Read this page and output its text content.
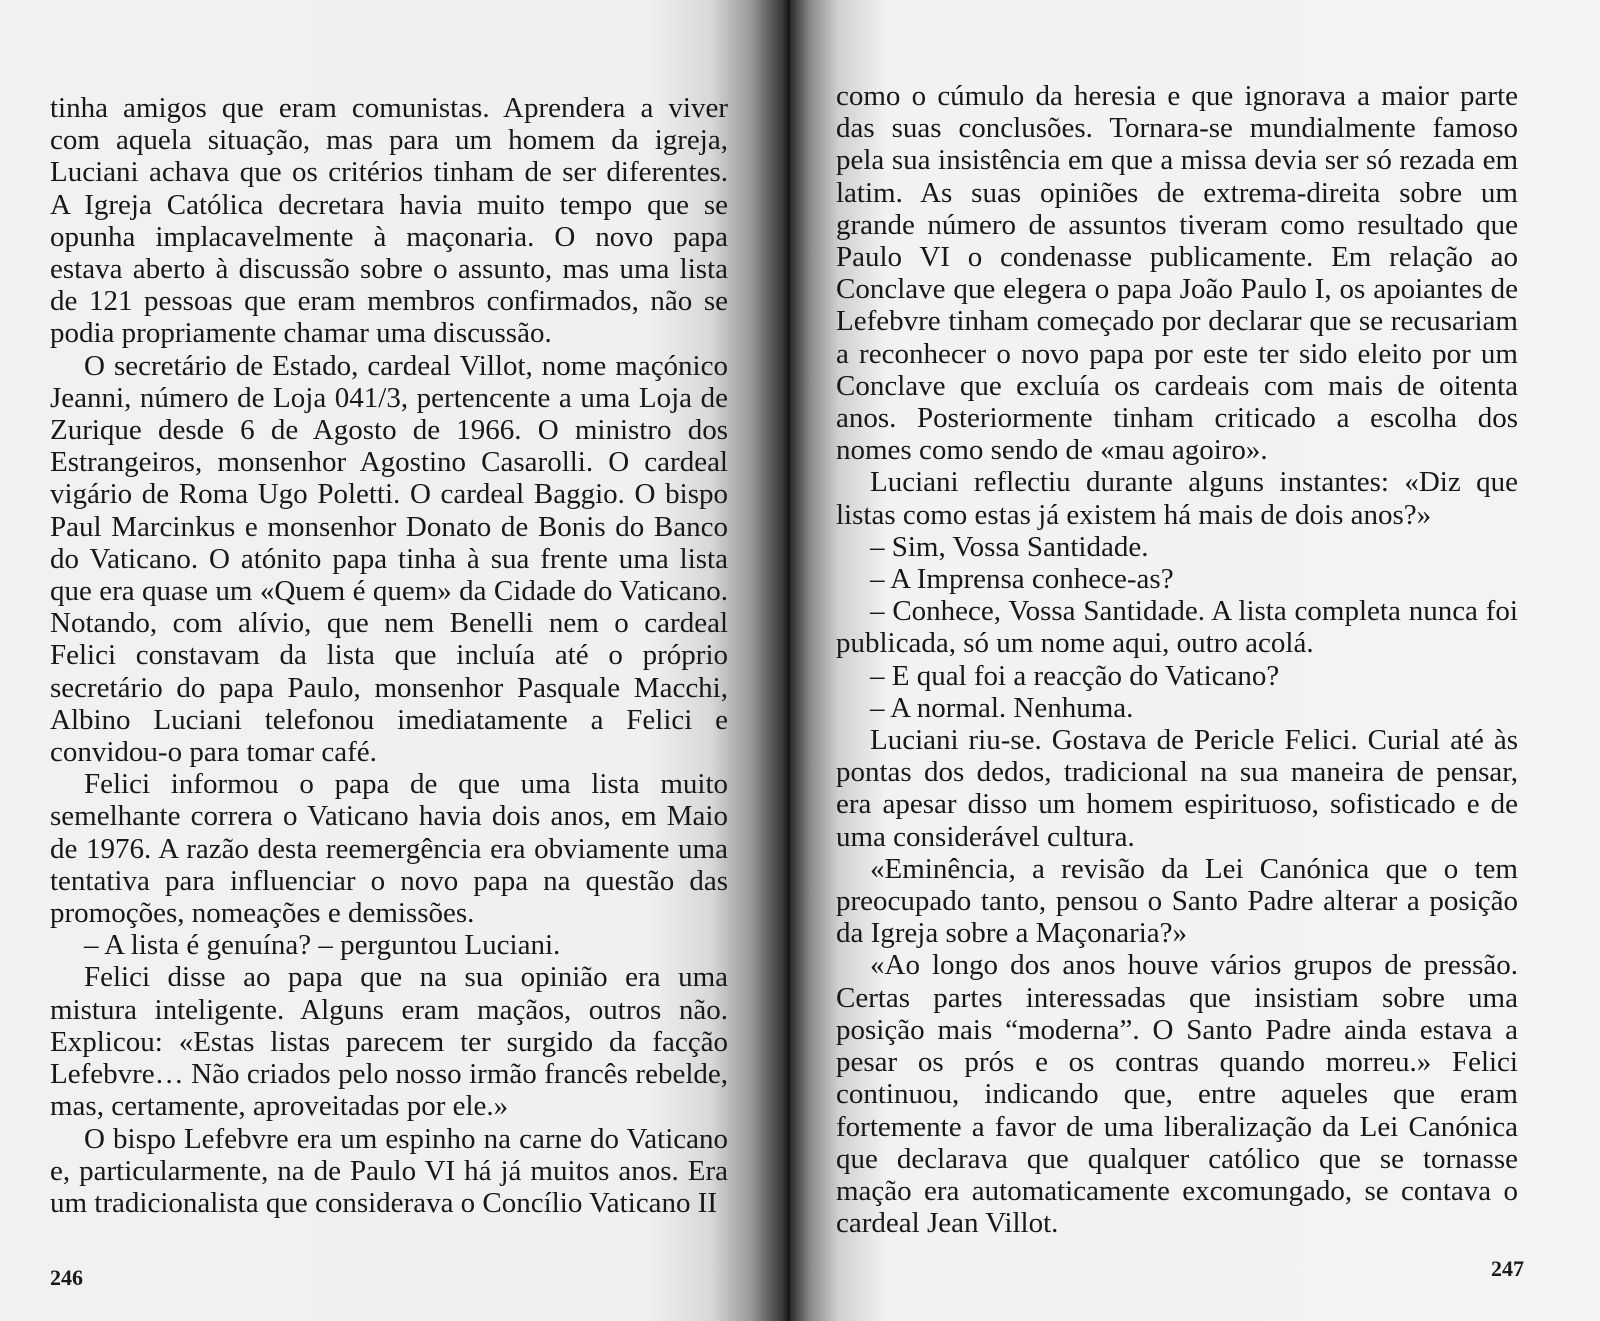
tinha amigos que eram comunistas. Aprendera a viver com aquela situação, mas para um homem da igreja, Luciani achava que os critérios tinham de ser diferentes. A Igreja Católica decretara havia muito tempo que se opunha implacavelmente à maçonaria. O novo papa estava aberto à discussão sobre o assunto, mas uma lista de 121 pessoas que eram membros confirmados, não se podia propriamente chamar uma discussão.

O secretário de Estado, cardeal Villot, nome maçónico Jeanni, número de Loja 041/3, pertencente a uma Loja de Zurique desde 6 de Agosto de 1966. O ministro dos Estrangeiros, monsenhor Agostino Casarolli. O cardeal vigário de Roma Ugo Poletti. O cardeal Baggio. O bispo Paul Marcinkus e monsenhor Donato de Bonis do Banco do Vaticano. O atónito papa tinha à sua frente uma lista que era quase um «Quem é quem» da Cidade do Vaticano. Notando, com alívio, que nem Benelli nem o cardeal Felici constavam da lista que incluía até o próprio secretário do papa Paulo, monsenhor Pasquale Macchi, Albino Luciani telefonou imediatamente a Felici e convidou-o para tomar café.

Felici informou o papa de que uma lista muito semelhante correra o Vaticano havia dois anos, em Maio de 1976. A razão desta reemergência era obviamente uma tentativa para influenciar o novo papa na questão das promoções, nomeações e demissões.

– A lista é genuína? – perguntou Luciani.

Felici disse ao papa que na sua opinião era uma mistura inteligente. Alguns eram maçãos, outros não. Explicou: «Estas listas parecem ter surgido da facção Lefebvre… Não criados pelo nosso irmão francês rebelde, mas, certamente, aproveitadas por ele.»

O bispo Lefebvre era um espinho na carne do Vaticano e, particularmente, na de Paulo VI há já muitos anos. Era um tradicionalista que considerava o Concílio Vaticano II

246

como o cúmulo da heresia e que ignorava a maior parte das suas conclusões. Tornara-se mundialmente famoso pela sua insistência em que a missa devia ser só rezada em latim. As suas opiniões de extrema-direita sobre um grande número de assuntos tiveram como resultado que Paulo VI o condenasse publicamente. Em relação ao Conclave que elegera o papa João Paulo I, os apoiantes de Lefebvre tinham começado por declarar que se recusariam a reconhecer o novo papa por este ter sido eleito por um Conclave que excluía os cardeais com mais de oitenta anos. Posteriormente tinham criticado a escolha dos nomes como sendo de «mau agoiro».

Luciani reflectiu durante alguns instantes: «Diz que listas como estas já existem há mais de dois anos?»

– Sim, Vossa Santidade.

– A Imprensa conhece-as?

– Conhece, Vossa Santidade. A lista completa nunca foi publicada, só um nome aqui, outro acolá.

– E qual foi a reacção do Vaticano?

– A normal. Nenhuma.

Luciani riu-se. Gostava de Pericle Felici. Curial até às pontas dos dedos, tradicional na sua maneira de pensar, era apesar disso um homem espirituoso, sofisticado e de uma considerável cultura.

«Eminência, a revisão da Lei Canónica que o tem preocupado tanto, pensou o Santo Padre alterar a posição da Igreja sobre a Maçonaria?»

«Ao longo dos anos houve vários grupos de pressão. Certas partes interessadas que insistiam sobre uma posição mais “moderna”. O Santo Padre ainda estava a pesar os prós e os contras quando morreu.» Felici continuou, indicando que, entre aqueles que eram fortemente a favor de uma liberalização da Lei Canónica que declarava que qualquer católico que se tornasse mação era automaticamente excomungado, se contava o cardeal Jean Villot.

247
